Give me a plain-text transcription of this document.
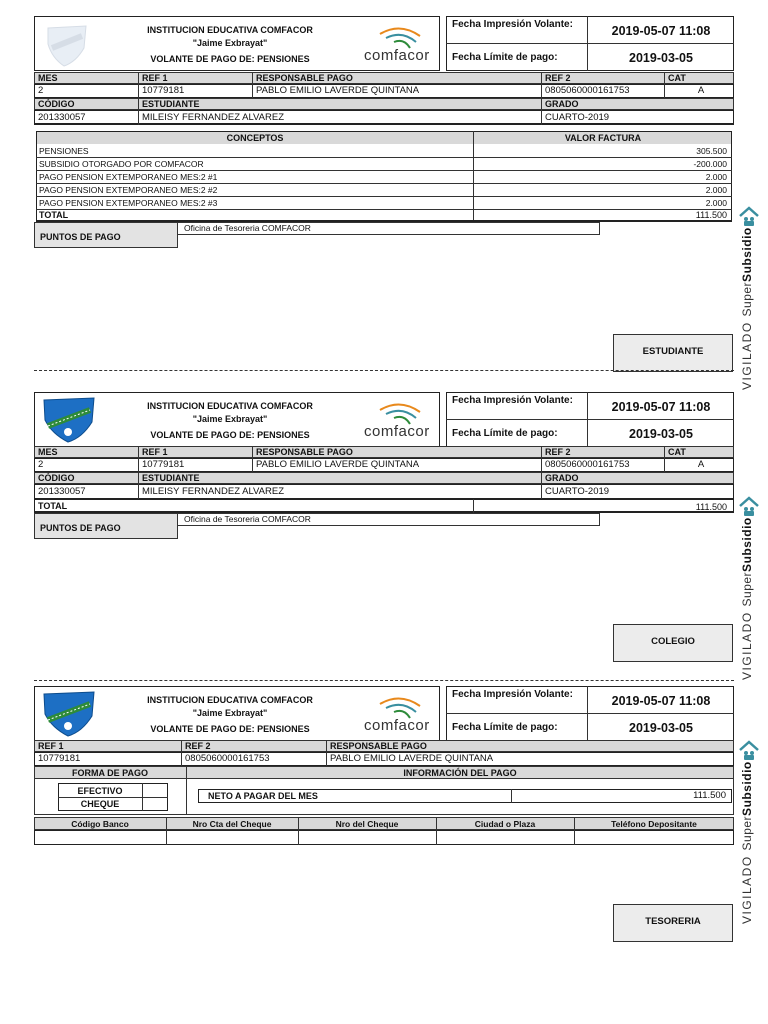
INSTITUCION EDUCATIVA COMFACOR
"Jaime Exbrayat"
VOLANTE DE PAGO DE: PENSIONES	comfacor
Fecha Impresión Volante:	2019-05-07 11:08
Fecha Límite de pago:	2019-03-05
MES	REF 1	RESPONSABLE PAGO	REF 2	CAT
2	10779181	PABLO EMILIO LAVERDE QUINTANA	0805060000161753	A
CÓDIGO	ESTUDIANTE	GRADO
201330057	MILEISY FERNANDEZ ALVAREZ	CUARTO-2019
CONCEPTOS	VALOR FACTURA
PENSIONES	305.500
SUBSIDIO OTORGADO POR COMFACOR	-200.000
PAGO PENSION EXTEMPORANEO MES:2 #1	2.000
PAGO PENSION EXTEMPORANEO MES:2 #2	2.000
PAGO PENSION EXTEMPORANEO MES:2 #3	2.000
TOTAL	111.500
PUNTOS DE PAGO
Oficina de Tesoreria COMFACOR
ESTUDIANTE
INSTITUCION EDUCATIVA COMFACOR
"Jaime Exbrayat"
VOLANTE DE PAGO DE: PENSIONES	comfacor
Fecha Impresión Volante:	2019-05-07 11:08
Fecha Límite de pago:	2019-03-05
MES	REF 1	RESPONSABLE PAGO	REF 2	CAT
2	10779181	PABLO EMILIO LAVERDE QUINTANA	0805060000161753	A
CÓDIGO	ESTUDIANTE	GRADO
201330057	MILEISY FERNANDEZ ALVAREZ	CUARTO-2019
TOTAL	111.500
PUNTOS DE PAGO
Oficina de Tesoreria COMFACOR
COLEGIO
INSTITUCION EDUCATIVA COMFACOR
"Jaime Exbrayat"
VOLANTE DE PAGO DE: PENSIONES	comfacor
Fecha Impresión Volante:	2019-05-07 11:08
Fecha Límite de pago:	2019-03-05
REF 1	REF 2	RESPONSABLE PAGO
10779181	0805060000161753	PABLO EMILIO LAVERDE QUINTANA
FORMA DE PAGO	INFORMACIÓN DEL PAGO
EFECTIVO
CHEQUE
NETO A PAGAR DEL MES	111.500
Código Banco	Nro Cta del Cheque	Nro del Cheque	Ciudad o Plaza	Teléfono Depositante
TESORERIA
VIGILADO SuperSubsidio
VIGILADO SuperSubsidio
VIGILADO SuperSubsidio
